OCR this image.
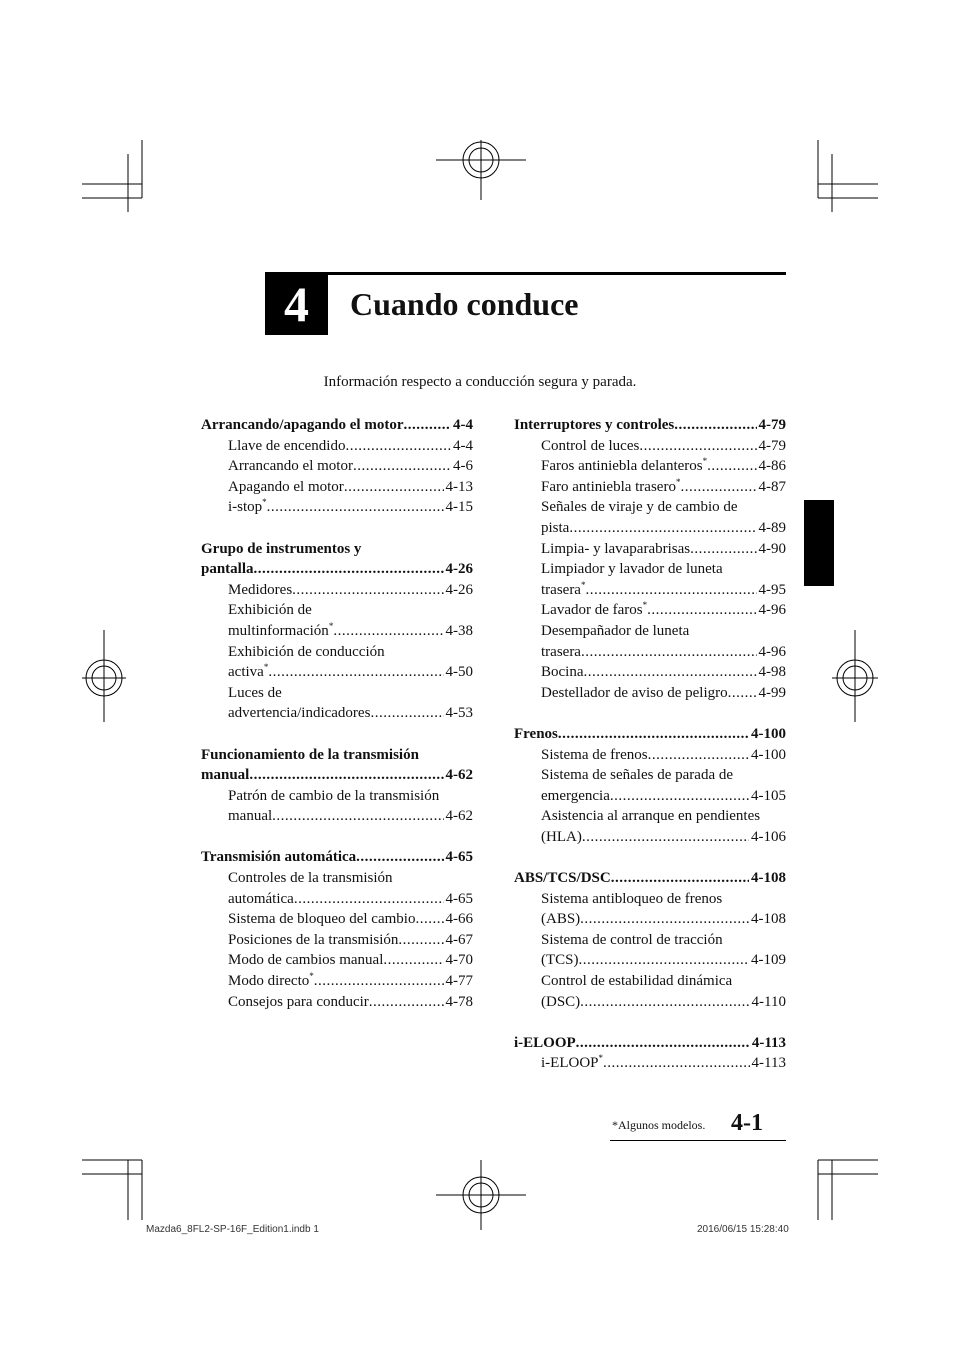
4 Cuando conduce
Información respecto a conducción segura y parada.
Arrancando/apagando el motor .....	4-4
Llave de encendido .....	4-4
Arrancando el motor .....	4-6
Apagando el motor .....	4-13
i-stop* .....	4-15
Grupo de instrumentos y
pantalla .....	4-26
Medidores .....	4-26
Exhibición de
multinformación* .....	4-38
Exhibición de conducción
activa* .....	4-50
Luces de
advertencia/indicadores .....	4-53
Funcionamiento de la transmisión
manual .....	4-62
Patrón de cambio de la transmisión
manual .....	4-62
Transmisión automática .....	4-65
Controles de la transmisión
automática .....	4-65
Sistema de bloqueo del cambio ..... 4-66
Posiciones de la transmisión .....	4-67
Modo de cambios manual .....	4-70
Modo directo* .....	4-77
Consejos para conducir .....	4-78
Interruptores y controles .....	4-79
Control de luces .....	4-79
Faros antiniebla delanteros* .....	4-86
Faro antiniebla trasero* .....	4-87
Señales de viraje y de cambio de
pista .....	4-89
Limpia- y lavaparabrisas .....	4-90
Limpiador y lavador de luneta
trasera* .....	4-95
Lavador de faros* .....	4-96
Desempañador de luneta
trasera .....	4-96
Bocina .....	4-98
Destellador de aviso de peligro ..... 4-99
Frenos .....	4-100
Sistema de frenos .....	4-100
Sistema de señales de parada de
emergencia .....	4-105
Asistencia al arranque en pendientes
(HLA) .....	4-106
ABS/TCS/DSC .....	4-108
Sistema antibloqueo de frenos
(ABS) .....	4-108
Sistema de control de tracción
(TCS) .....	4-109
Control de estabilidad dinámica
(DSC) .....	4-110
i-ELOOP .....	4-113
i-ELOOP* .....	4-113
*Algunos modelos. 4-1
Mazda6_8FL2-SP-16F_Edition1.indb 1	2016/06/15 15:28:40
